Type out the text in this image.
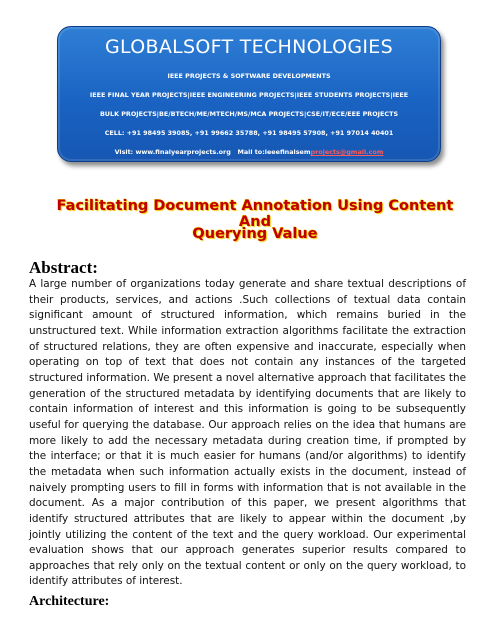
GLOBALSOFT TECHNOLOGIES
IEEE PROJECTS & SOFTWARE DEVELOPMENTS
IEEE FINAL YEAR PROJECTS|IEEE ENGINEERING PROJECTS|IEEE STUDENTS PROJECTS|IEEE
BULK PROJECTS|BE/BTECH/ME/MTECH/MS/MCA PROJECTS|CSE/IT/ECE/EEE PROJECTS
CELL: +91 98495 39085, +91 99662 35788, +91 98495 57908, +91 97014 40401
Visit: www.finalyearprojects.org Mail to:ieeefinalsemprojects@gmail.com
Facilitating Document Annotation Using Content And
Querying Value
Abstract:

A large number of organizations today generate and share textual descriptions of their products, services, and actions .Such collections of textual data contain significant amount of structured information, which remains buried in the unstructured text. While information extraction algorithms facilitate the extraction of structured relations, they are often expensive and inaccurate, especially when operating on top of text that does not contain any instances of the targeted structured information. We present a novel alternative approach that facilitates the generation of the structured metadata by identifying documents that are likely to contain information of interest and this information is going to be subsequently useful for querying the database. Our approach relies on the idea that humans are more likely to add the necessary metadata during creation time, if prompted by the interface; or that it is much easier for humans (and/or algorithms) to identify the metadata when such information actually exists in the document, instead of naively prompting users to fill in forms with information that is not available in the document. As a major contribution of this paper, we present algorithms that identify structured attributes that are likely to appear within the document ,by jointly utilizing the content of the text and the query workload. Our experimental evaluation shows that our approach generates superior results compared to approaches that rely only on the textual content or only on the query workload, to identify attributes of interest.

Architecture:
